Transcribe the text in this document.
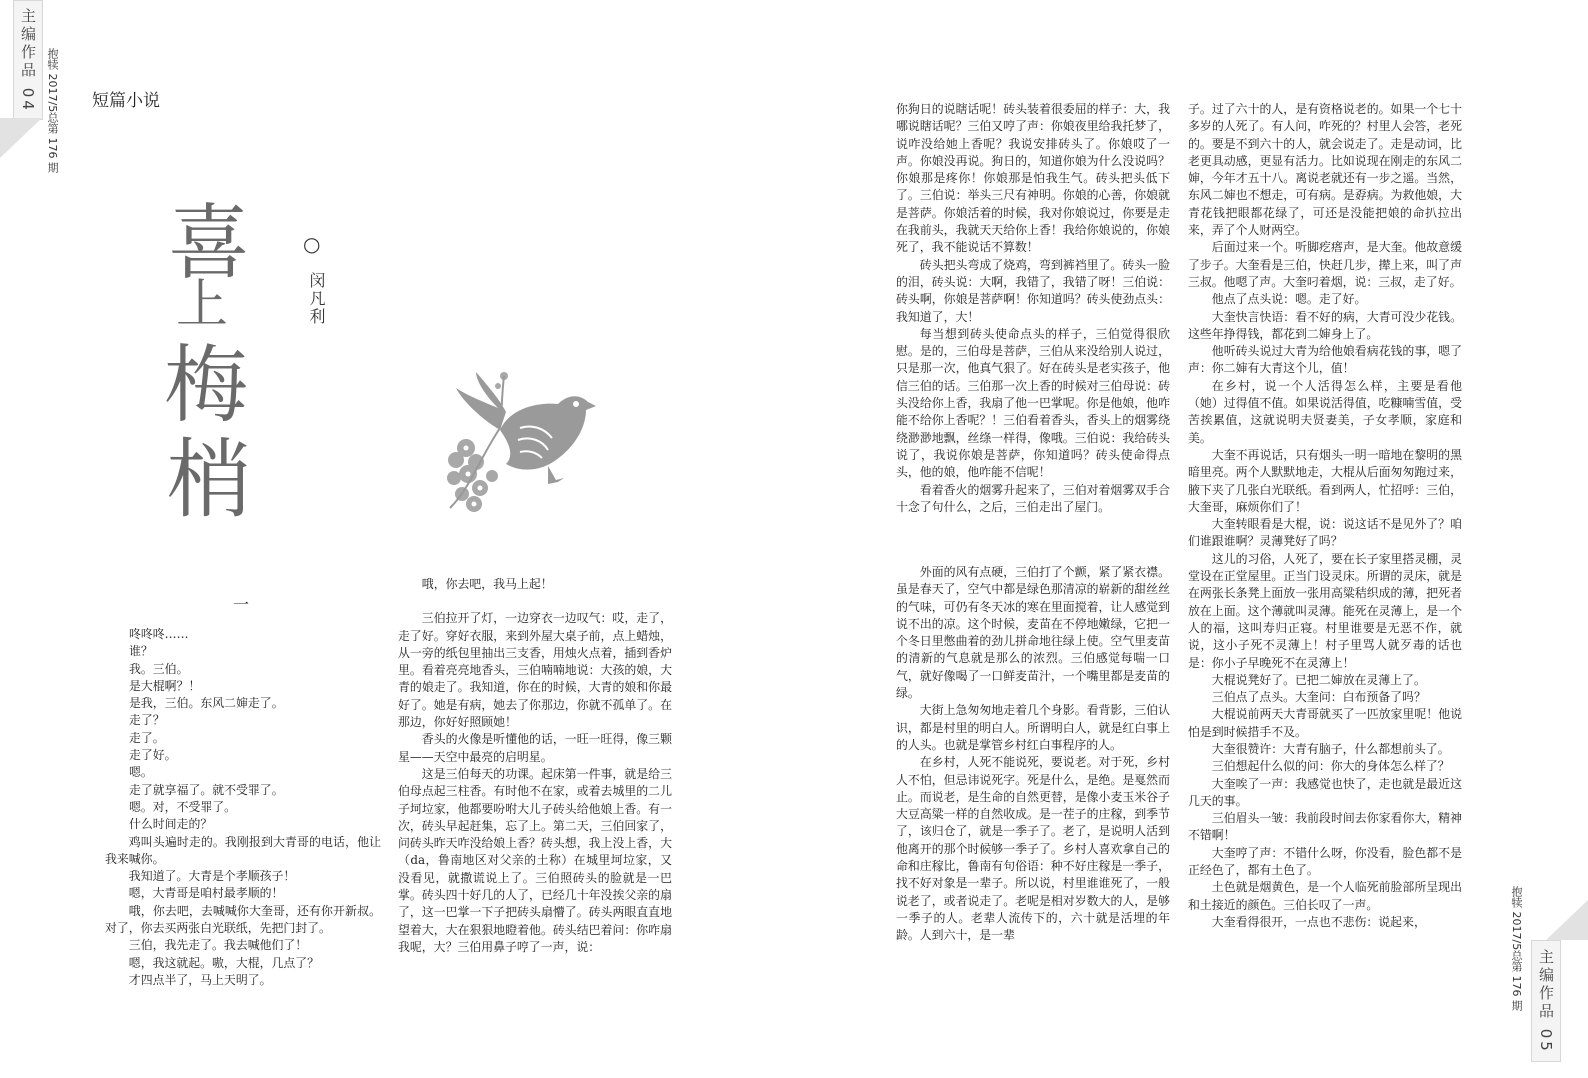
主编作品 04 抱犊 2017/5
总第 176 期
短篇小说
喜
上
梅
梢
○
闵凡利
一

咚咚咚……

谁？

我。三伯。

是大棍啊？！

是我，三伯。东风二婶走了。

走了？

走了。

走了好。

嗯。

走了就享福了。就不受罪了。

嗯。对，不受罪了。

什么时间走的？

鸡叫头遍时走的。我刚报到大青哥的电话，他让我来喊你。

我知道了。大青是个孝顺孩子！

嗯，大青哥是咱村最孝顺的！

哦，你去吧，去喊喊你大奎哥，还有你开新叔。对了，你去买两张白光联纸，先把门封了。

三伯，我先走了。我去喊他们了！

嗯，我这就起。嗷，大棍，几点了？

才四点半了，马上天明了。

哦，你去吧，我马上起！

三伯拉开了灯，一边穿衣一边叹气：哎，走了，走了好。穿好衣服，来到外屋大桌子前，点上蜡烛，从一旁的纸包里抽出三支香，用烛火点着，插到香炉里。看着亮亮地香头，三伯喃喃地说：大孩的娘，大青的娘走了。我知道，你在的时候，大青的娘和你最好了。她是有病，她去了你那边，你就不孤单了。在那边，你好好照顾她！

香头的火像是听懂他的话，一旺一旺得，像三颗星——天空中最亮的启明星。

这是三伯每天的功课。起床第一件事，就是给三伯母点起三柱香。有时他不在家，或着去城里的二儿子坷垃家，他都要吩咐大儿子砖头给他娘上香。有一次，砖头早起赶集，忘了上。第二天，三伯回家了，问砖头昨天咋没给娘上香？砖头想，我上没上香，大（da，鲁南地区对父亲的土称）在城里坷垃家，又没看见，就撒谎说上了。三伯照砖头的脸就是一巴掌。砖头四十好几的人了，已经几十年没挨父亲的扇了，这一巴掌一下子把砖头扇懵了。砖头两眼直直地望着大，大在狠狠地瞪着他。砖头结巴着问：你咋扇我呢，大？三伯用鼻子哼了一声，说：

你狗日的说瞎话呢！砖头装着很委屈的样子：大，我哪说瞎话呢？三伯又哼了声：你娘夜里给我托梦了，说咋没给她上香呢？我说安排砖头了。你娘哎了一声。你娘没再说。狗日的，知道你娘为什么没说吗？你娘那是疼你！你娘那是怕我生气。砖头把头低下了。三伯说：举头三尺有神明。你娘的心善，你娘就是菩萨。你娘活着的时候，我对你娘说过，你要是走在我前头，我就天天给你上香！我给你娘说的，你娘死了，我不能说话不算数！

砖头把头弯成了烧鸡，弯到裤裆里了。砖头一脸的泪，砖头说：大啊，我错了，我错了呀！三伯说：砖头啊，你娘是菩萨啊！你知道吗？砖头使劲点头：我知道了，大！

每当想到砖头使命点头的样子，三伯觉得很欣慰。是的，三伯母是菩萨，三伯从来没给别人说过，只是那一次，他真气狠了。好在砖头是老实孩子，他信三伯的话。三伯那一次上香的时候对三伯母说：砖头没给你上香，我扇了他一巴掌呢。你是他娘，他咋能不给你上香呢？！三伯看着香头，香头上的烟雾绕绕渺渺地飘，丝绦一样得，像哦。三伯说：我给砖头说了，我说你娘是菩萨，你知道吗？砖头使命得点头，他的娘，他咋能不信呢！

看着香火的烟雾升起来了，三伯对着烟雾双手合十念了句什么，之后，三伯走出了屋门。

外面的风有点硬，三伯打了个颤，紧了紧衣襟。虽是春天了，空气中都是绿色那清凉的崭新的甜丝丝的气味，可仍有冬天冰的寒在里面搅着，让人感觉到说不出的凉。这个时候，麦苗在不停地嫩绿，它把一个冬日里憋曲着的劲儿拼命地往绿上使。空气里麦苗的清新的气息就是那么的浓烈。三伯感觉每喘一口气，就好像喝了一口鲜麦苗汁，一个嘴里都是麦苗的绿。

大街上急匆匆地走着几个身影。看背影，三伯认识，都是村里的明白人。所谓明白人，就是红白事上的人头。也就是掌管乡村红白事程序的人。

在乡村，人死不能说死，要说老。对于死，乡村人不怕，但忌讳说死字。死是什么，是绝。是戛然而止。而说老，是生命的自然更替，是像小麦玉米谷子大豆高粱一样的自然收成。是一茬子的庄稼，到季节了，该归仓了，就是一季子了。老了，是说明人活到他离开的那个时候够一季子了。乡村人喜欢拿自己的命和庄稼比，鲁南有句俗语：种不好庄稼是一季子，找不好对象是一辈子。所以说，村里谁谁死了，一般说老了，或者说走了。老呢是相对岁数大的人，是够一季子的人。老辈人流传下的，六十就是活埋的年龄。人到六十，是一辈

子。过了六十的人，是有资格说老的。如果一个七十多岁的人死了。有人问，咋死的？村里人会答，老死的。要是不到六十的人，就会说走了。走是动词，比老更具动感，更显有活力。比如说现在刚走的东风二婶，今年才五十八。离说老就还有一步之遥。当然，东风二婶也不想走，可有病。是孬病。为救他娘，大青花钱把眼都花绿了，可还是没能把娘的命扒拉出来，弄了个人财两空。

后面过来一个。听脚疙瘩声，是大奎。他故意缓了步子。大奎看是三伯，快赶几步，撵上来，叫了声三叔。他嗯了声。大奎叼着烟，说：三叔，走了好。

他点了点头说：嗯。走了好。

大奎快言快语：看不好的病，大青可没少花钱。这些年挣得钱，都花到二婶身上了。

他听砖头说过大青为给他娘看病花钱的事，嗯了声：你二婶有大青这个儿，值！

在乡村，说一个人活得怎么样，主要是看他（她）过得值不值。如果说活得值，吃糠喃雪值，受苦挨累值，这就说明夫贤妻美，子女孝顺，家庭和美。

大奎不再说话，只有烟头一明一暗地在黎明的黑暗里亮。两个人默默地走，大棍从后面匆匆跑过来，腋下夹了几张白光联纸。看到两人，忙招呼：三伯，大奎哥，麻烦你们了！

大奎转眼看是大棍，说：说这话不是见外了？咱们谁跟谁啊？灵薄凳好了吗？

这儿的习俗，人死了，要在长子家里搭灵棚，灵堂设在正堂屋里。正当门设灵床。所谓的灵床，就是在两张长条凳上面放一张用高粱秸织成的薄，把死者放在上面。这个薄就叫灵薄。能死在灵薄上，是一个人的福，这叫寿归正寝。村里谁要是无恶不作，就说，这小子死不灵薄上！村子里骂人就歹毒的话也是：你小子早晚死不在灵薄上！

大棍说凳好了。已把二婶放在灵薄上了。

三伯点了点头。大奎问：白布预备了吗？

大棍说前两天大青哥就买了一匹放家里呢！他说怕是到时候措手不及。

大奎很赞许：大青有脑子，什么都想前头了。

三伯想起什么似的问：你大的身体怎么样了？

大奎唉了一声：我感觉也快了，走也就是最近这几天的事。

三伯眉头一皱：我前段时间去你家看你大，精神不错啊！

大奎哼了声：不错什么呀，你没看，脸色都不是正经色了，都有土色了。

土色就是烟黄色，是一个人临死前脸部所呈现出和土接近的颜色。三伯长叹了一声。

大奎看得很开，一点也不悲伤：说起来，	抱犊 2017/5
总第 176 期 主编作品 05
